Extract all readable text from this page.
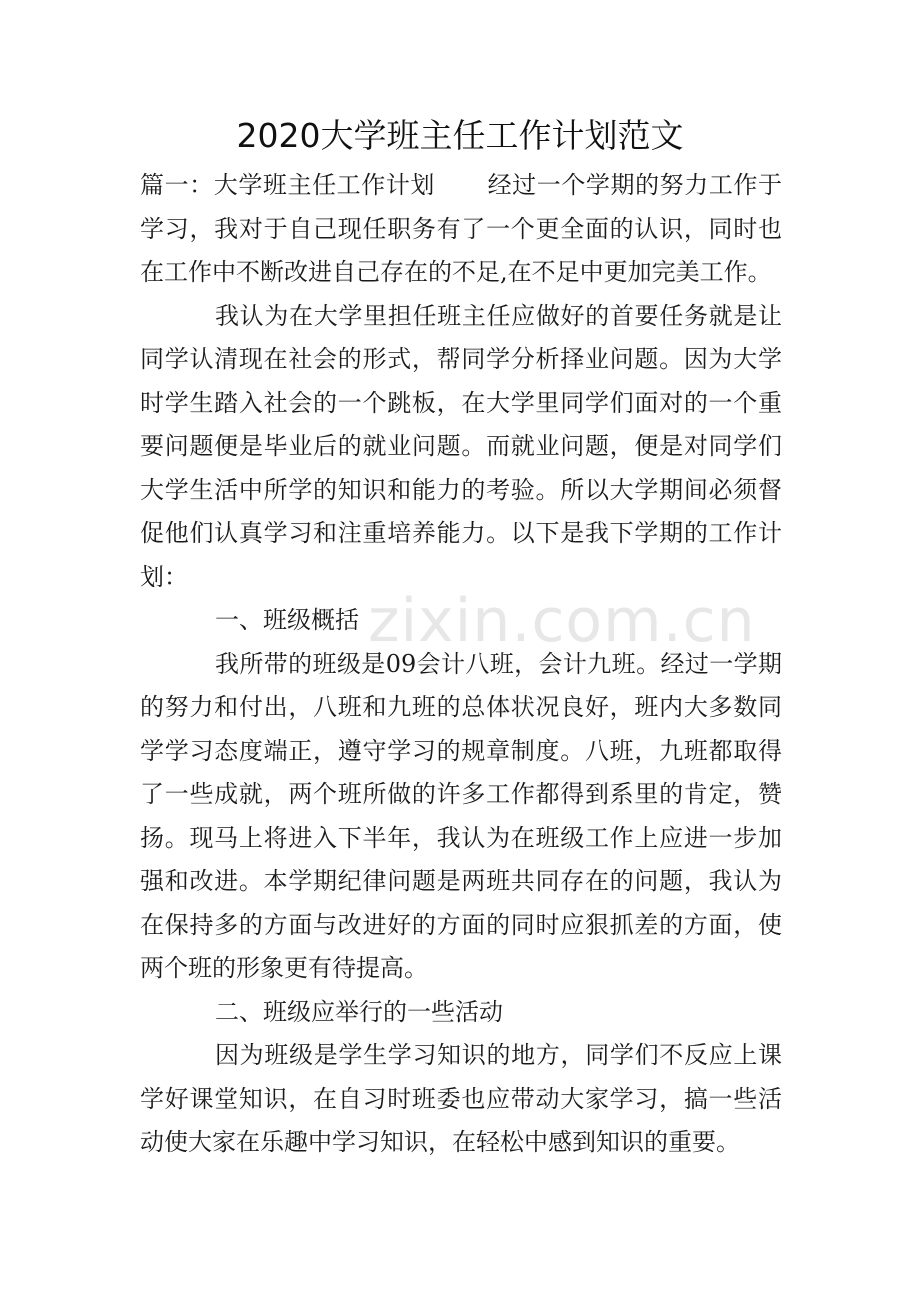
2020大学班主任工作计划范文

篇一：大学班主任工作计划 经过一个学期的努力工作于学习，我对于自己现任职务有了一个更全面的认识，同时也在工作中不断改进自己存在的不足,在不足中更加完美工作。

我认为在大学里担任班主任应做好的首要任务就是让同学认清现在社会的形式，帮同学分析择业问题。因为大学时学生踏入社会的一个跳板，在大学里同学们面对的一个重要问题便是毕业后的就业问题。而就业问题，便是对同学们大学生活中所学的知识和能力的考验。所以大学期间必须督促他们认真学习和注重培养能力。以下是我下学期的工作计划：

一、班级概括

我所带的班级是09会计八班，会计九班。经过一学期的努力和付出，八班和九班的总体状况良好，班内大多数同学学习态度端正，遵守学习的规章制度。八班，九班都取得了一些成就，两个班所做的许多工作都得到系里的肯定，赞扬。现马上将进入下半年，我认为在班级工作上应进一步加强和改进。本学期纪律问题是两班共同存在的问题，我认为在保持多的方面与改进好的方面的同时应狠抓差的方面，使两个班的形象更有待提高。

二、班级应举行的一些活动

因为班级是学生学习知识的地方，同学们不反应上课学好课堂知识，在自习时班委也应带动大家学习，搞一些活动使大家在乐趣中学习知识，在轻松中感到知识的重要。

zixin.com.cn
